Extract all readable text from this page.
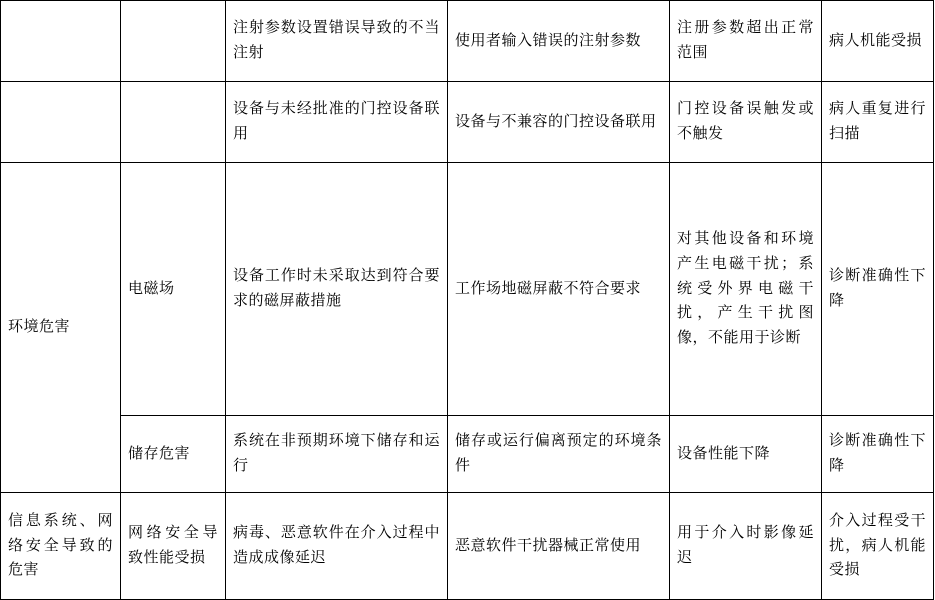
		注射参数设置错误导致的不当注射	使用者输入错误的注射参数	注册参数超出正常范围	病人机能受损
		设备与未经批准的门控设备联用	设备与不兼容的门控设备联用	门控设备误触发或不触发	病人重复进行扫描
环境危害	电磁场	设备工作时未采取达到符合要求的磁屏蔽措施	工作场地磁屏蔽不符合要求	对其他设备和环境产生电磁干扰；系统受外界电磁干扰，产生干扰图像，不能用于诊断	诊断准确性下降
	储存危害	系统在非预期环境下储存和运行	储存或运行偏离预定的环境条件	设备性能下降	诊断准确性下降
信息系统、网络安全导致的危害	网络安全导致性能受损	病毒、恶意软件在介入过程中造成成像延迟	恶意软件干扰器械正常使用	用于介入时影像延迟	介入过程受干扰，病人机能受损
